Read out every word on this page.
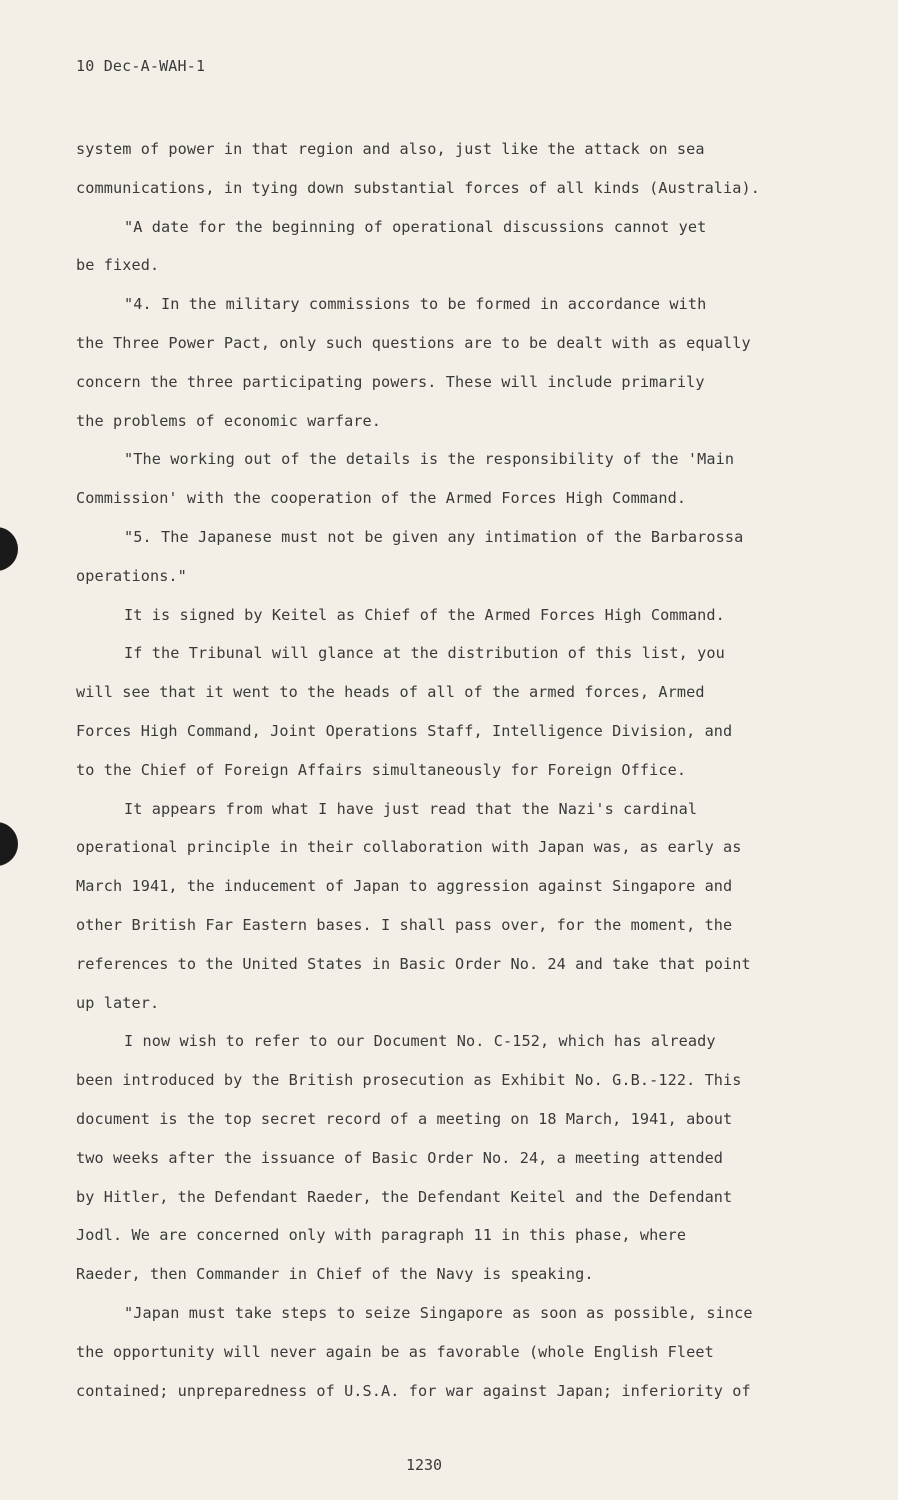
10 Dec-A-WAH-1
system of power in that region and also, just like the attack on sea
communications, in tying down substantial forces of all kinds (Australia).
"A date for the beginning of operational discussions cannot yet
be fixed.
"4. In the military commissions to be formed in accordance with
the Three Power Pact, only such questions are to be dealt with as equally
concern the three participating powers. These will include primarily
the problems of economic warfare.
"The working out of the details is the responsibility of the 'Main
Commission' with the cooperation of the Armed Forces High Command.
"5. The Japanese must not be given any intimation of the Barbarossa
operations."
It is signed by Keitel as Chief of the Armed Forces High Command.
If the Tribunal will glance at the distribution of this list, you
will see that it went to the heads of all of the armed forces, Armed
Forces High Command, Joint Operations Staff, Intelligence Division, and
to the Chief of Foreign Affairs simultaneously for Foreign Office.
It appears from what I have just read that the Nazi's cardinal
operational principle in their collaboration with Japan was, as early as
March 1941, the inducement of Japan to aggression against Singapore and
other British Far Eastern bases. I shall pass over, for the moment, the
references to the United States in Basic Order No. 24 and take that point
up later.
I now wish to refer to our Document No. C-152, which has already
been introduced by the British prosecution as Exhibit No. G.B.-122. This
document is the top secret record of a meeting on 18 March, 1941, about
two weeks after the issuance of Basic Order No. 24, a meeting attended
by Hitler, the Defendant Raeder, the Defendant Keitel and the Defendant
Jodl. We are concerned only with paragraph 11 in this phase, where
Raeder, then Commander in Chief of the Navy is speaking.
"Japan must take steps to seize Singapore as soon as possible, since
the opportunity will never again be as favorable (whole English Fleet
contained; unpreparedness of U.S.A. for war against Japan; inferiority of
1230
